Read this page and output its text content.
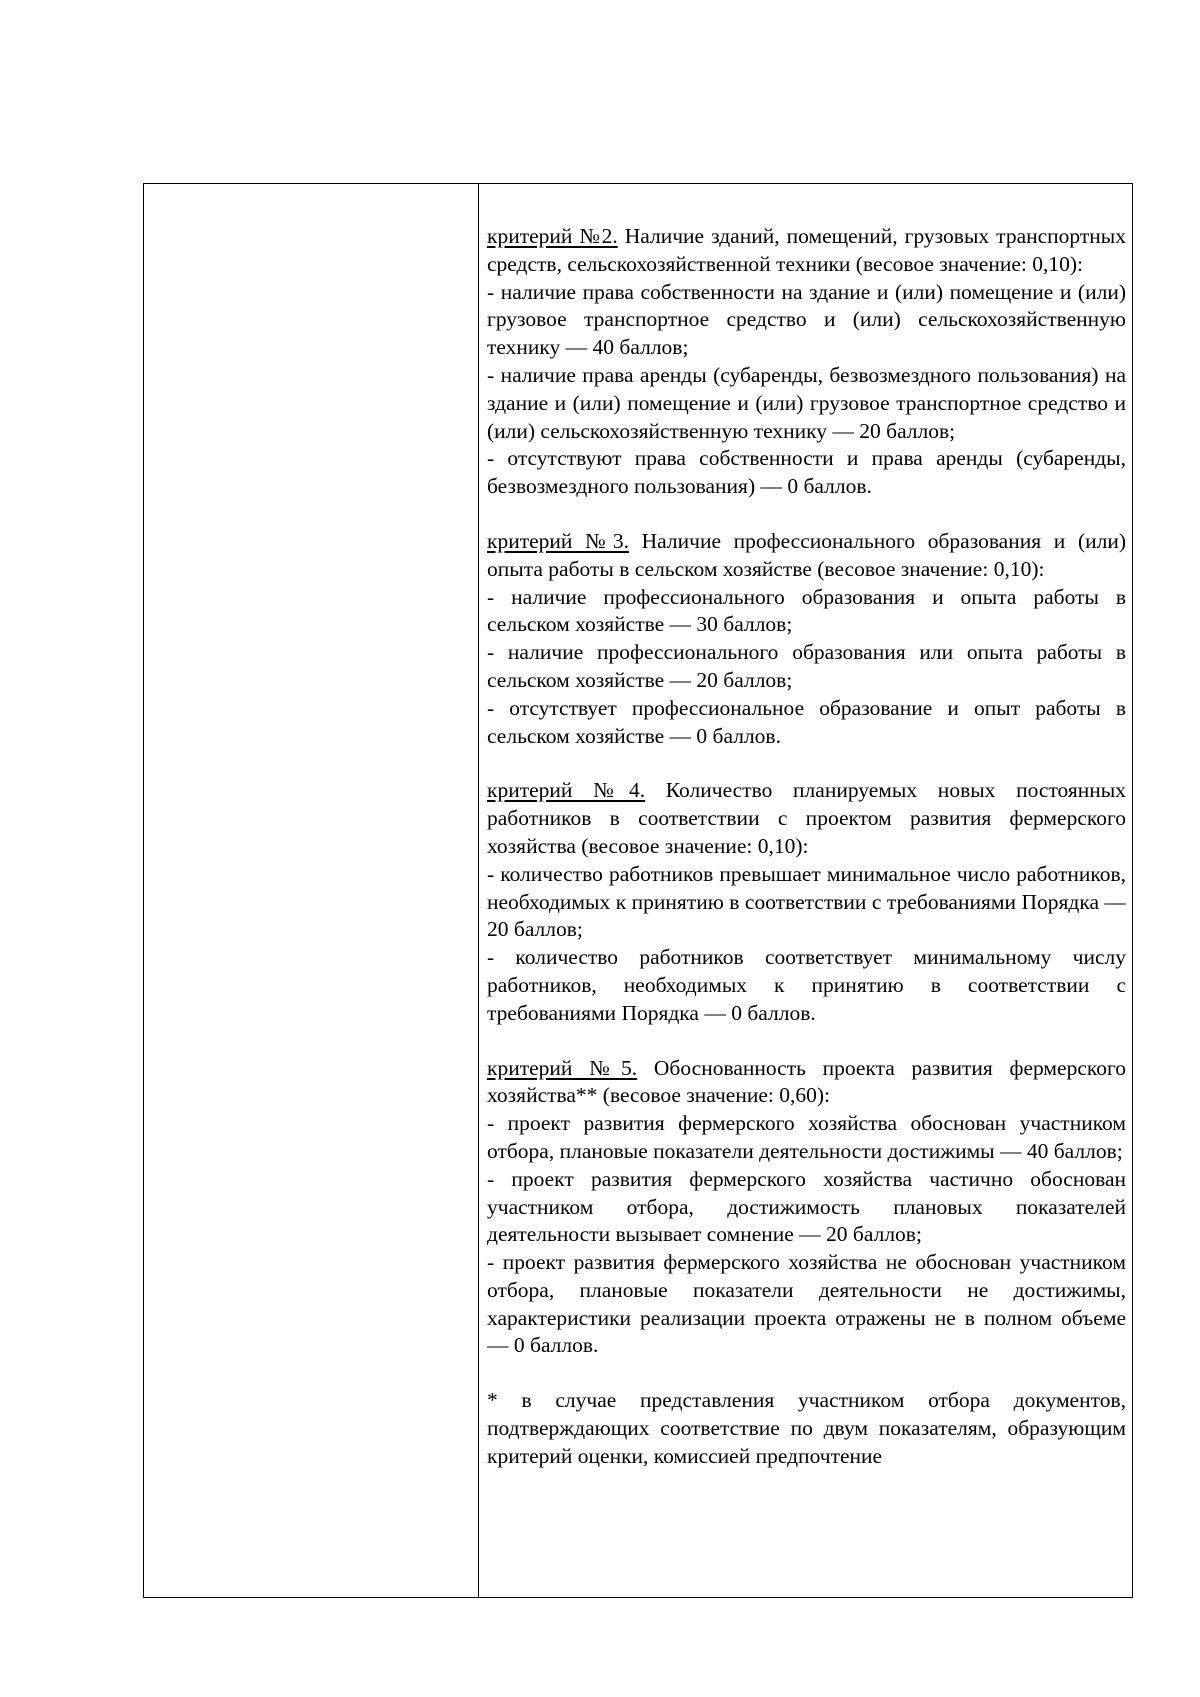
критерий №2. Наличие зданий, помещений, грузовых транспортных средств, сельскохозяйственной техники (весовое значение: 0,10):

- наличие права собственности на здание и (или) помещение и (или) грузовое транспортное средство и (или) сельскохозяйственную технику — 40 баллов;

- наличие права аренды (субаренды, безвозмездного пользования) на здание и (или) помещение и (или) грузовое транспортное средство и (или) сельскохозяйственную технику — 20 баллов;

- отсутствуют права собственности и права аренды (субаренды, безвозмездного пользования) — 0 баллов.

критерий №3. Наличие профессионального образования и (или) опыта работы в сельском хозяйстве (весовое значение: 0,10):

- наличие профессионального образования и опыта работы в сельском хозяйстве — 30 баллов;

- наличие профессионального образования или опыта работы в сельском хозяйстве — 20 баллов;

- отсутствует профессиональное образование и опыт работы в сельском хозяйстве — 0 баллов.

критерий №4. Количество планируемых новых постоянных работников в соответствии с проектом развития фермерского хозяйства (весовое значение: 0,10):

- количество работников превышает минимальное число работников, необходимых к принятию в соответствии с требованиями Порядка — 20 баллов;

- количество работников соответствует минимальному числу работников, необходимых к принятию в соответствии с требованиями Порядка — 0 баллов.

критерий №5. Обоснованность проекта развития фермерского хозяйства** (весовое значение: 0,60):

- проект развития фермерского хозяйства обоснован участником отбора, плановые показатели деятельности достижимы — 40 баллов;

- проект развития фермерского хозяйства частично обоснован участником отбора, достижимость плановых показателей деятельности вызывает сомнение — 20 баллов;

- проект развития фермерского хозяйства не обоснован участником отбора, плановые показатели деятельности не достижимы, характеристики реализации проекта отражены не в полном объеме — 0 баллов.

* в случае представления участником отбора документов, подтверждающих соответствие по двум показателям, образующим критерий оценки, комиссией предпочтение
